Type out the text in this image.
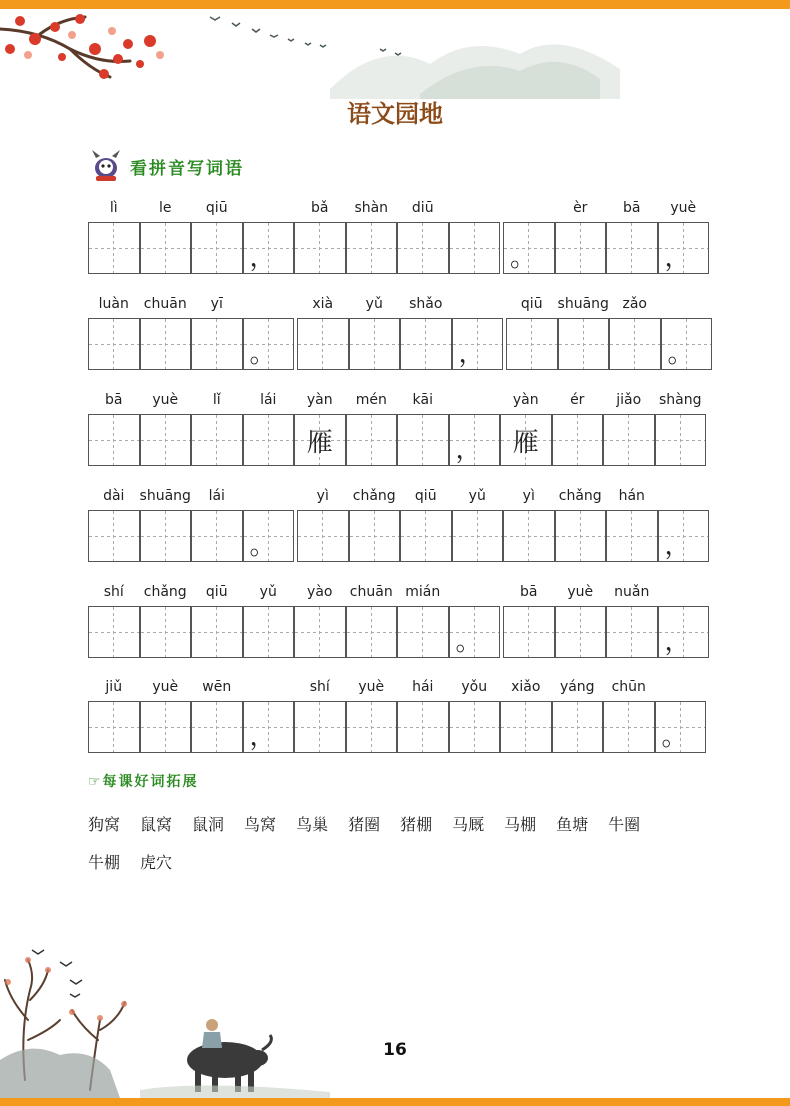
语文园地
看拼音写词语
lì	le	qiū
，
bǎ	shàn	diū
。
èr	bā	yuè
，
luàn	chuān	yī
。
xià	yǔ	shǎo
，
qiū	shuāng zǎo
。
bā	yuè	lǐ	lái	yàn
雁
mén	kāi
，
yàn
雁
ér	jiǎo	shàng
dài	shuāng	lái
。
yì	chǎng	qiū	yǔ	yì	chǎng	hán
，
shí	chǎng	qiū	yǔ	yào	chuān mián
。
bā	yuè	nuǎn
，
jiǔ	yuè	wēn
，
shí	yuè	hái	yǒu	xiǎo	yáng	chūn
。
☞每课好词拓展
狗窝 鼠窝 鼠洞 鸟窝 鸟巢 猪圈 猪棚 马厩 马棚 鱼塘 牛圈牛棚 虎穴
16
